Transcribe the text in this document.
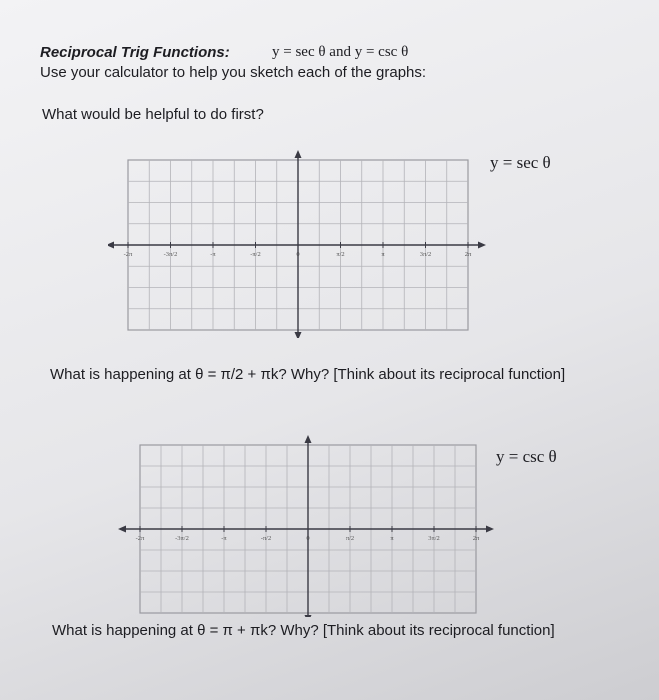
Reciprocal Trig Functions:	y = sec θ and y = csc θ
Use your calculator to help you sketch each of the graphs:
What would be helpful to do first?
-2π	-3π/2	-π	-π/2	0	π/2	π	3π/2	2π
y = sec θ
What is happening at θ = π/2 + πk? Why? [Think about its reciprocal function]
-2π	-3π/2	-π	-π/2	0	π/2	π	3π/2	2π
y = csc θ
What is happening at θ = π + πk? Why? [Think about its reciprocal function]
